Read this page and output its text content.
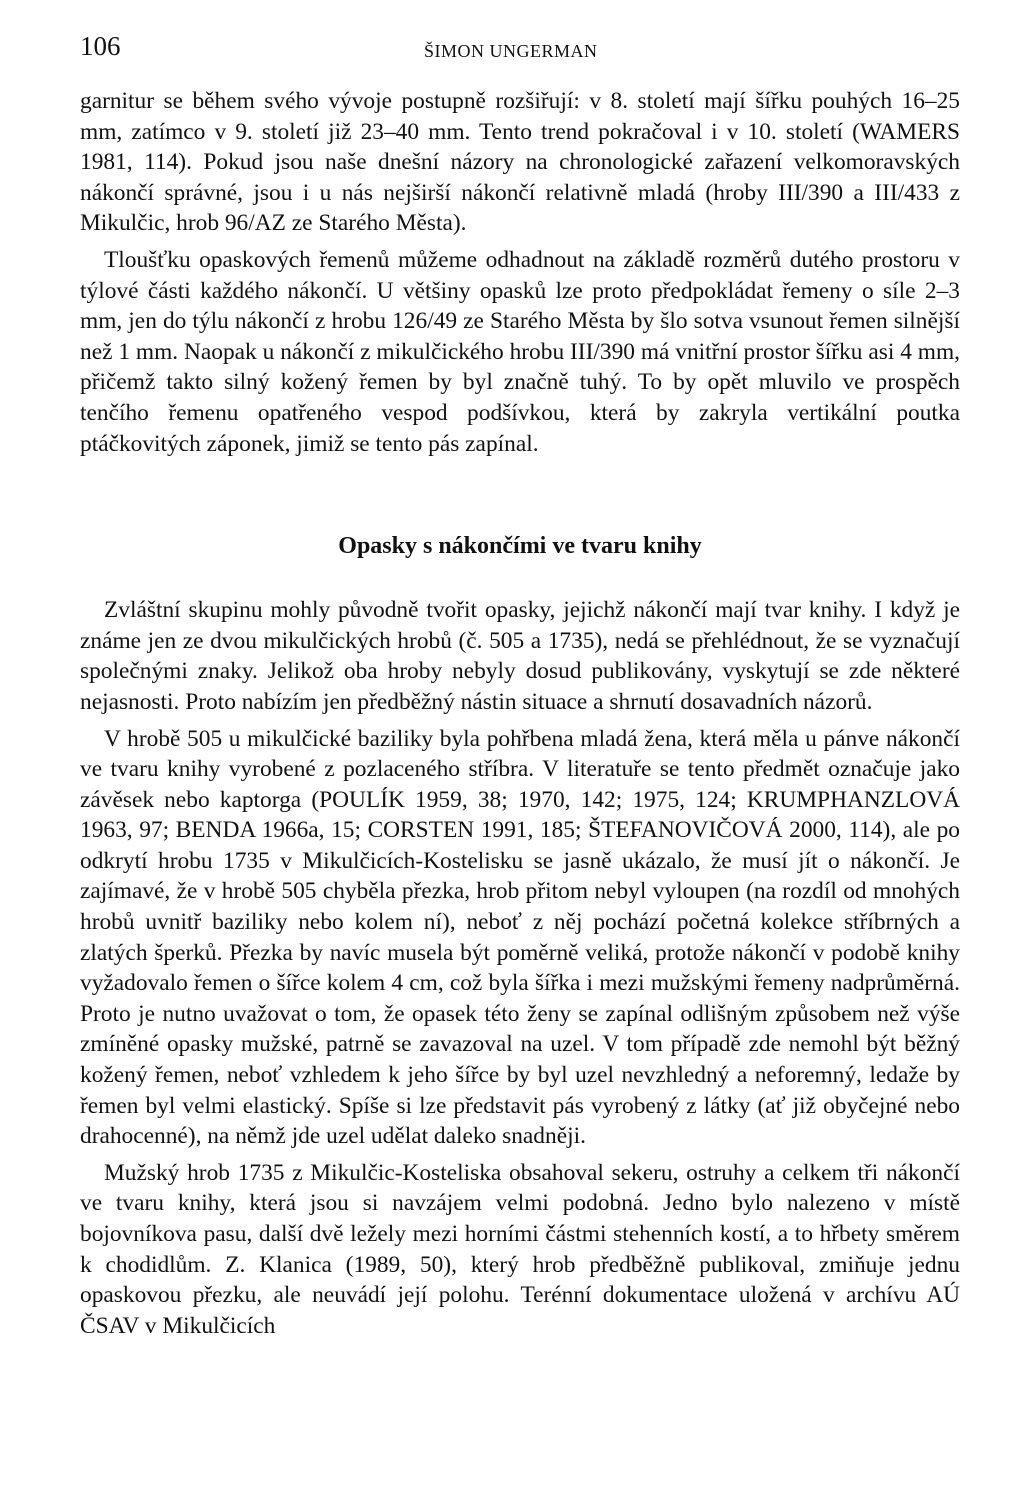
106	ŠIMON UNGERMAN

garnitur se během svého vývoje postupně rozšiřují: v 8. století mají šířku pouhých 16–25 mm, zatímco v 9. století již 23–40 mm. Tento trend pokračoval i v 10. století (WAMERS 1981, 114). Pokud jsou naše dnešní názory na chronologické zařazení velkomoravských nákončí správné, jsou i u nás nejširší nákončí relativně mladá (hroby III/390 a III/433 z Mikulčic, hrob 96/AZ ze Starého Města).

Tloušťku opaskových řemenů můžeme odhadnout na základě rozměrů dutého prostoru v týlové části každého nákončí. U většiny opasků lze proto předpokládat řemeny o síle 2–3 mm, jen do týlu nákončí z hrobu 126/49 ze Starého Města by šlo sotva vsunout řemen silnější než 1 mm. Naopak u nákončí z mikulčického hrobu III/390 má vnitřní prostor šířku asi 4 mm, přičemž takto silný kožený řemen by byl značně tuhý. To by opět mluvilo ve prospěch tenčího řemenu opatřeného vespod podšívkou, která by zakryla vertikální poutka ptáčkovitých záponek, jimiž se tento pás zapínal.

Opasky s nákončími ve tvaru knihy

Zvláštní skupinu mohly původně tvořit opasky, jejichž nákončí mají tvar knihy. I když je známe jen ze dvou mikulčických hrobů (č. 505 a 1735), nedá se přehlédnout, že se vyznačují společnými znaky. Jelikož oba hroby nebyly dosud publikovány, vyskytují se zde některé nejasnosti. Proto nabízím jen předběžný nástin situace a shrnutí dosavadních názorů.

V hrobě 505 u mikulčické baziliky byla pohřbena mladá žena, která měla u pánve nákončí ve tvaru knihy vyrobené z pozlaceného stříbra. V literatuře se tento předmět označuje jako závěsek nebo kaptorga (POULÍK 1959, 38; 1970, 142; 1975, 124; KRUMPHANZLOVÁ 1963, 97; BENDA 1966a, 15; CORSTEN 1991, 185; ŠTEFANOVIČOVÁ 2000, 114), ale po odkrytí hrobu 1735 v Mikulčicích-Kostelisku se jasně ukázalo, že musí jít o nákončí. Je zajímavé, že v hrobě 505 chyběla přezka, hrob přitom nebyl vyloupen (na rozdíl od mnohých hrobů uvnitř baziliky nebo kolem ní), neboť z něj pochází početná kolekce stříbrných a zlatých šperků. Přezka by navíc musela být poměrně veliká, protože nákončí v podobě knihy vyžadovalo řemen o šířce kolem 4 cm, což byla šířka i mezi mužskými řemeny nadprůměrná. Proto je nutno uvažovat o tom, že opasek této ženy se zapínal odlišným způsobem než výše zmíněné opasky mužské, patrně se zavazoval na uzel. V tom případě zde nemohl být běžný kožený řemen, neboť vzhledem k jeho šířce by byl uzel nevzhledný a neforemný, ledaže by řemen byl velmi elastický. Spíše si lze představit pás vyrobený z látky (ať již obyčejné nebo drahocenné), na němž jde uzel udělat daleko snadněji.

Mužský hrob 1735 z Mikulčic-Kosteliska obsahoval sekeru, ostruhy a celkem tři nákončí ve tvaru knihy, která jsou si navzájem velmi podobná. Jedno bylo nalezeno v místě bojovníkova pasu, další dvě ležely mezi horními částmi stehenních kostí, a to hřbety směrem k chodidlům. Z. Klanica (1989, 50), který hrob předběžně publikoval, zmiňuje jednu opaskovou přezku, ale neuvádí její polohu. Terénní dokumentace uložená v archívu AÚ ČSAV v Mikulčicích
